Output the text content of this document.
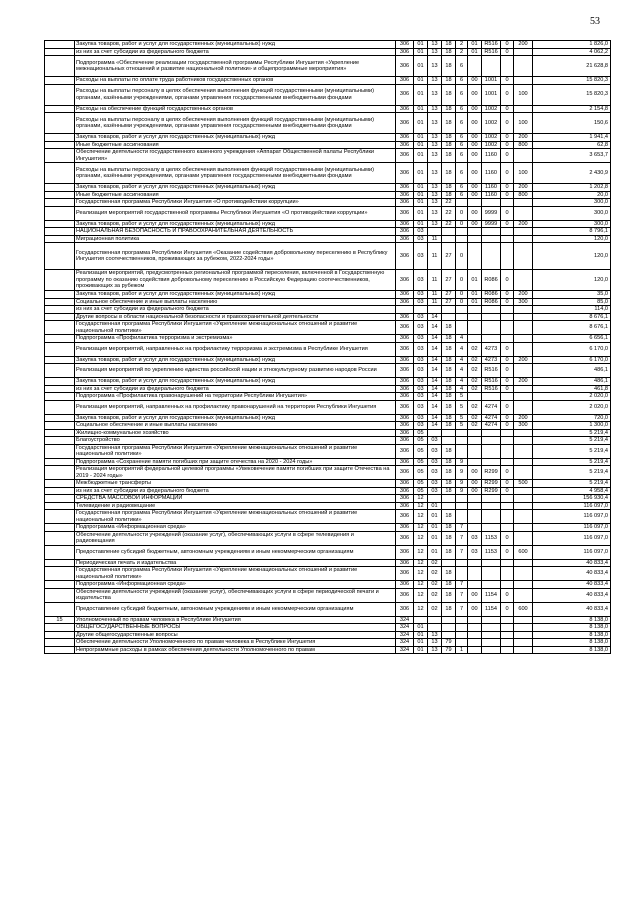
53
	Закупка товаров, работ и услуг для государственных (муниципальных) нужд	306	01	13	18	2	01	R516	0	200	1 826,0
	из них за счет субсидии из федерального бюджета	306	01	13	18	2	01	R516	0		4 062,2
	Подпрограмма «Обеспечение реализации государственной программы Республики Ингушетия «Укрепление межнациональных отношений и развитие национальной политики» и общепрограммные мероприятия»	306	01	13	18	6					21 628,8
	Расходы на выплаты по оплате труда работников государственных органов	306	01	13	18	6	00	1001	0		15 820,3
	Расходы на выплаты персоналу в целях обеспечения выполнения функций государственными (муниципальными) органами, казёнными учреждениями, органами управления государственными внебюджетными фондами	306	01	13	18	6	00	1001	0	100	15 820,3
	Расходы на обеспечение функций государственных органов	306	01	13	18	6	00	1002	0		2 154,8
	Расходы на выплаты персоналу в целях обеспечения выполнения функций государственными (муниципальными) органами, казёнными учреждениями, органами управления государственными внебюджетными фондами	306	01	13	18	6	00	1002	0	100	150,6
	Закупка товаров, работ и услуг для государственных (муниципальных) нужд	306	01	13	18	6	00	1002	0	200	1 941,4
	Иные бюджетные ассигнования	306	01	13	18	6	00	1002	0	800	62,8
	Обеспечение деятельности государственного казенного учреждения «Аппарат Общественной палаты Республики Ингушетия»	306	01	13	18	6	00	1160	0		3 653,7
	Расходы на выплаты персоналу в целях обеспечения выполнения функций государственными (муниципальными) органами, казёнными учреждениями, органами управления государственными внебюджетными фондами	306	01	13	18	6	00	1160	0	100	2 430,9
	Закупка товаров, работ и услуг для государственных (муниципальных) нужд	306	01	13	18	6	00	1160	0	200	1 202,8
	Иные бюджетные ассигнования	306	01	13	18	6	00	1160	0	800	20,0
	Государственная программа Республики Ингушетия «О противодействии коррупции»	306	01	13	22						300,0
	Реализация мероприятий государственной программы Республики Ингушетия «О противодействии коррупции»	306	01	13	22	0	00	9999	0		300,0
	Закупка товаров, работ и услуг для государственных (муниципальных) нужд	306	01	13	22	0	00	9999	0	200	300,0
	НАЦИОНАЛЬНАЯ БЕЗОПАСНОСТЬ И ПРАВООХРАНИТЕЛЬНАЯ ДЕЯТЕЛЬНОСТЬ	306	03								8 796,1
	Миграционная политика	306	03	11							120,0
	Государственная программа Республики Ингушетия «Оказание содействия добровольному переселению в Республику Ингушетия соотечественников, проживающих за рубежом, 2022-2024 годы»	306	03	11	27	0					120,0
	Реализация мероприятий, предусмотренных региональной программой переселения, включенной в Государственную программу по оказанию содействия добровольному переселению в Российскую Федерацию соотечественников, проживающих за рубежом	306	03	11	27	0	01	R086	0		120,0
	Закупка товаров, работ и услуг для государственных (муниципальных) нужд	306	03	11	27	0	01	R086	0	200	35,0
	Социальное обеспечение и иные выплаты населению	306	03	11	27	0	01	R086	0	300	85,0
	из них за счет субсидии из федерального бюджета										114,0
	Другие вопросы в области национальной безопасности и правоохранительной деятельности	306	03	14							8 676,1
	Государственная программа Республики Ингушетия «Укрепление межнациональных отношений и развитие национальной политики»	306	03	14	18						8 676,1
	Подпрограмма «Профилактика терроризма и экстремизма»	306	03	14	18	4					6 656,1
	Реализация мероприятий, направленных на профилактику терроризма и экстремизма в Республике Ингушетия	306	03	14	18	4	02	4273	0		6 170,0
	Закупка товаров, работ и услуг для государственных (муниципальных) нужд	306	03	14	18	4	02	4273	0	200	6 170,0
	Реализация мероприятий по укреплению единства российской нации и этнокультурному развитию народов России	306	03	14	18	4	02	R516	0		486,1
	Закупка товаров, работ и услуг для государственных (муниципальных) нужд	306	03	14	18	4	02	R516	0	200	486,1
	из них за счет субсидии из федерального бюджета	306	03	14	18	4	02	R516	0		461,8
	Подпрограмма «Профилактика правонарушений на территории Республики Ингушетия»	306	03	14	18	5					2 020,0
	Реализация мероприятий, направленных на профилактику правонарушений на территории Республики Ингушетия	306	03	14	18	5	02	4274	0		2 020,0
	Закупка товаров, работ и услуг для государственных (муниципальных) нужд	306	03	14	18	5	02	4274	0	200	720,0
	Социальное обеспечение и иные выплаты населению	306	03	14	18	5	02	4274	0	300	1 300,0
	Жилищно-коммунальное хозяйство	306	05								5 219,4
	Благоустройство	306	05	03							5 219,4
	Государственная программа Республики Ингушетия «Укрепление межнациональных отношений и развитие национальной политики»	306	05	03	18						5 219,4
	Подпрограмма «Сохранение памяти погибших при защите отечества на 2020 - 2024 годы»	306	05	03	18	9					5 219,4
	Реализация мероприятий федеральной целевой программы «Увековечение памяти погибших при защите Отечества на 2019 - 2024 годы»	306	05	03	18	9	00	R299	0		5 219,4
	Межбюджетные трансферты	306	05	03	18	9	00	R299	0	500	5 219,4
	из них за счет субсидии из федерального бюджета	306	05	03	18	9	00	R299	0		4 958,4
	СРЕДСТВА МАССОВОЙ ИНФОРМАЦИИ	306	12								156 930,4
	Телевидение и радиовещание	306	12	01							116 097,0
	Государственная программа Республики Ингушетия «Укрепление межнациональных отношений и развитие национальной политики»	306	12	01	18						116 097,0
	Подпрограмма «Информационная среда»	306	12	01	18	7					116 097,0
	Обеспечение деятельности учреждений (оказание услуг), обеспечивающих услуги в сфере телевидения и радиовещания	306	12	01	18	7	03	1153	0		116 097,0
	Предоставление субсидий бюджетным, автономным учреждениям и иным некоммерческим организациям	306	12	01	18	7	03	1153	0	600	116 097,0
	Периодическая печать и издательства	306	12	02							40 833,4
	Государственная программа Республики Ингушетия «Укрепление межнациональных отношений и развитие национальной политики»	306	12	02	18						40 833,4
	Подпрограмма «Информационная среда»	306	12	02	18	7					40 833,4
	Обеспечение деятельности учреждений (оказание услуг), обеспечивающих услуги в сфере периодической печати и издательства	306	12	02	18	7	00	1154	0		40 833,4
	Предоставление субсидий бюджетным, автономным учреждениям и иным некоммерческим организациям	306	12	02	18	7	00	1154	0	600	40 833,4
15	Уполномоченный по правам человека в Республике Ингушетия	324									8 138,0
	ОБЩЕГОСУДАРСТВЕННЫЕ ВОПРОСЫ	324	01								8 138,0
	Другие общегосударственные вопросы	324	01	13							8 138,0
	Обеспечение деятельности Уполномоченного по правам человека в Республике Ингушетия	324	01	13	79						8 138,0
	Непрограммные расходы в рамках обеспечения деятельности Уполномоченного по правам	324	01	13	79	1					8 138,0
